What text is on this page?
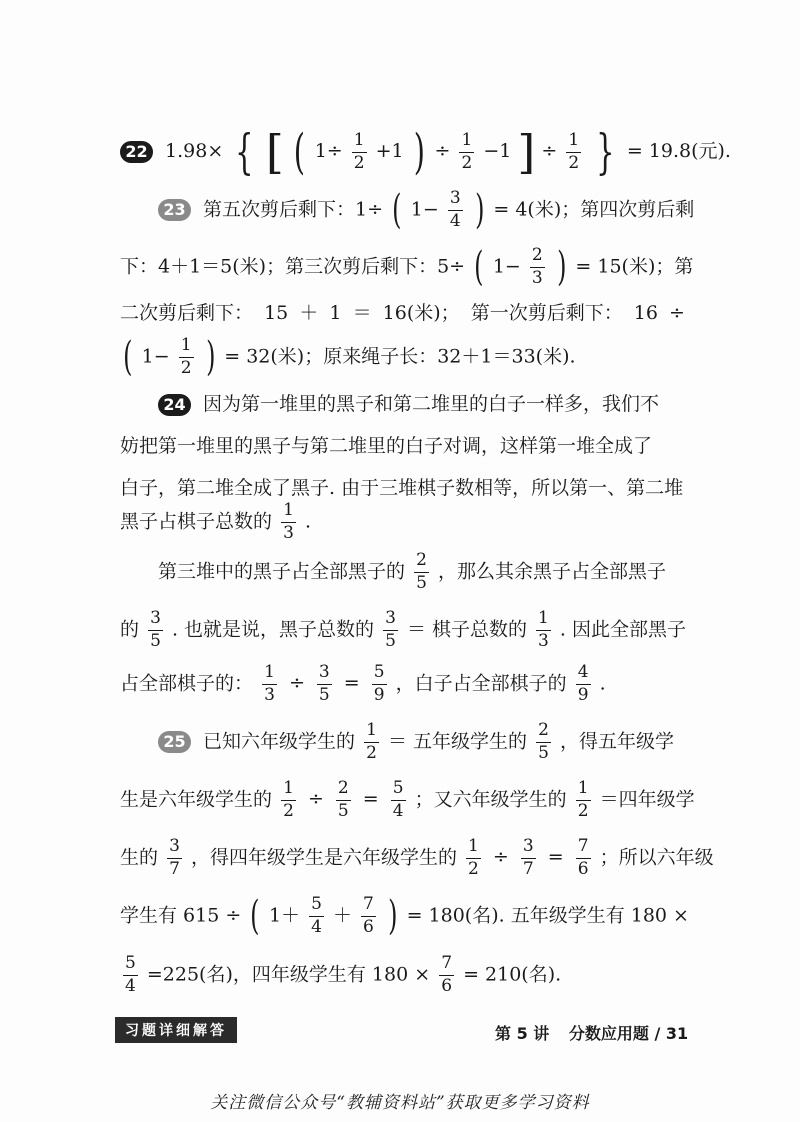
22 1.98× { [ ( $1\div \frac{1}{2} +1$ ) ÷ $\frac{1}{2} -1$ ] ÷ $\frac{1}{2}$ } = 19.8(元).
23 第五次剪后剩下：1÷ ( $1- \frac{3}{4}$ ) = 4(米)；第四次剪后剩
下：4＋1＝5(米)；第三次剪后剩下：5÷ ( $1- \frac{2}{3}$ ) = 15(米)；第
二次剪后剩下： 15 ＋ 1 ＝ 16(米)； 第一次剪后剩下： 16 ÷
( $1- \frac{1}{2}$ ) = 32(米)；原来绳子长：32＋1＝33(米).
24 因为第一堆里的黑子和第二堆里的白子一样多，我们不
妨把第一堆里的黑子与第二堆里的白子对调，这样第一堆全成了
白子，第二堆全成了黑子. 由于三堆棋子数相等，所以第一、第二堆
黑子占棋子总数的 $\frac{1}{3}$ .
第三堆中的黑子占全部黑子的 $\frac{2}{5}$ ，那么其余黑子占全部黑子
的 $\frac{3}{5}$ . 也就是说，黑子总数的 $\frac{3}{5}$ ＝ 棋子总数的 $\frac{1}{3}$ . 因此全部黑子
占全部棋子的： $\frac{1}{3} \div \frac{3}{5} = \frac{5}{9}$ ，白子占全部棋子的 $\frac{4}{9}$ .
25 已知六年级学生的 $\frac{1}{2}$ ＝ 五年级学生的 $\frac{2}{5}$ ，得五年级学
生是六年级学生的 $\frac{1}{2} \div \frac{2}{5} = \frac{5}{4}$ ；又六年级学生的 $\frac{1}{2}$ ＝四年级学
生的 $\frac{3}{7}$ ，得四年级学生是六年级学生的 $\frac{1}{2} \div \frac{3}{7} = \frac{7}{6}$ ；所以六年级
学生有 615 ÷ ( $1+ \frac{5}{4} + \frac{7}{6}$ ) = 180(名). 五年级学生有 180 ×
$\frac{5}{4} =225$(名)，四年级学生有 $180 \times \frac{7}{6} = 210$(名).
习题详细解答	第 5 讲 分数应用题 / 31
关注微信公众号“教辅资料站”获取更多学习资料
